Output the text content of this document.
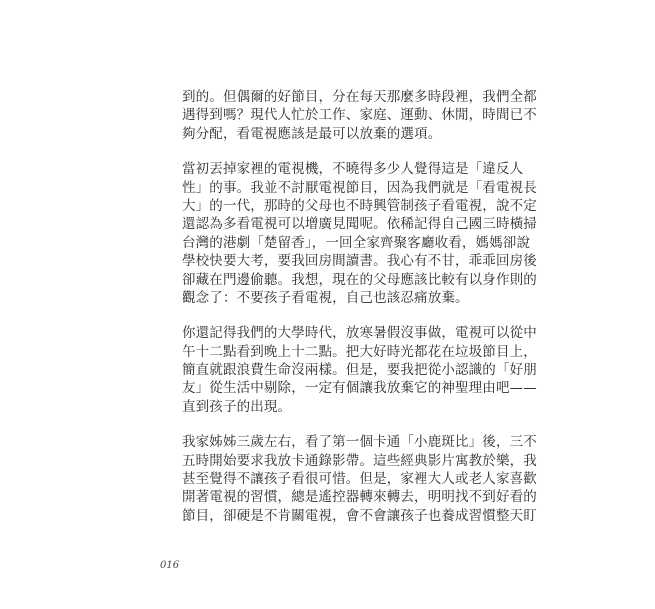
到的。但偶爾的好節目，分在每天那麼多時段裡，我們全都
遇得到嗎？現代人忙於工作、家庭、運動、休閒，時間已不
夠分配，看電視應該是最可以放棄的選項。

當初丟掉家裡的電視機，不曉得多少人覺得這是「違反人
性」的事。我並不討厭電視節目，因為我們就是「看電視長
大」的一代，那時的父母也不時興管制孩子看電視，說不定
還認為多看電視可以增廣見聞呢。依稀記得自己國三時橫掃
台灣的港劇「楚留香」，一回全家齊聚客廳收看，媽媽卻說
學校快要大考，要我回房間讀書。我心有不甘，乖乖回房後
卻藏在門邊偷聽。我想，現在的父母應該比較有以身作則的
觀念了：不要孩子看電視，自己也該忍痛放棄。

你還記得我們的大學時代，放寒暑假沒事做，電視可以從中
午十二點看到晚上十二點。把大好時光都花在垃圾節目上，
簡直就跟浪費生命沒兩樣。但是，要我把從小認識的「好朋
友」從生活中剔除，一定有個讓我放棄它的神聖理由吧——
直到孩子的出現。

我家姊姊三歲左右，看了第一個卡通「小鹿斑比」後，三不
五時開始要求我放卡通錄影帶。這些經典影片寓教於樂，我
甚至覺得不讓孩子看很可惜。但是，家裡大人或老人家喜歡
開著電視的習慣，總是遙控器轉來轉去，明明找不到好看的
節目，卻硬是不肯關電視，會不會讓孩子也養成習慣整天盯

016
